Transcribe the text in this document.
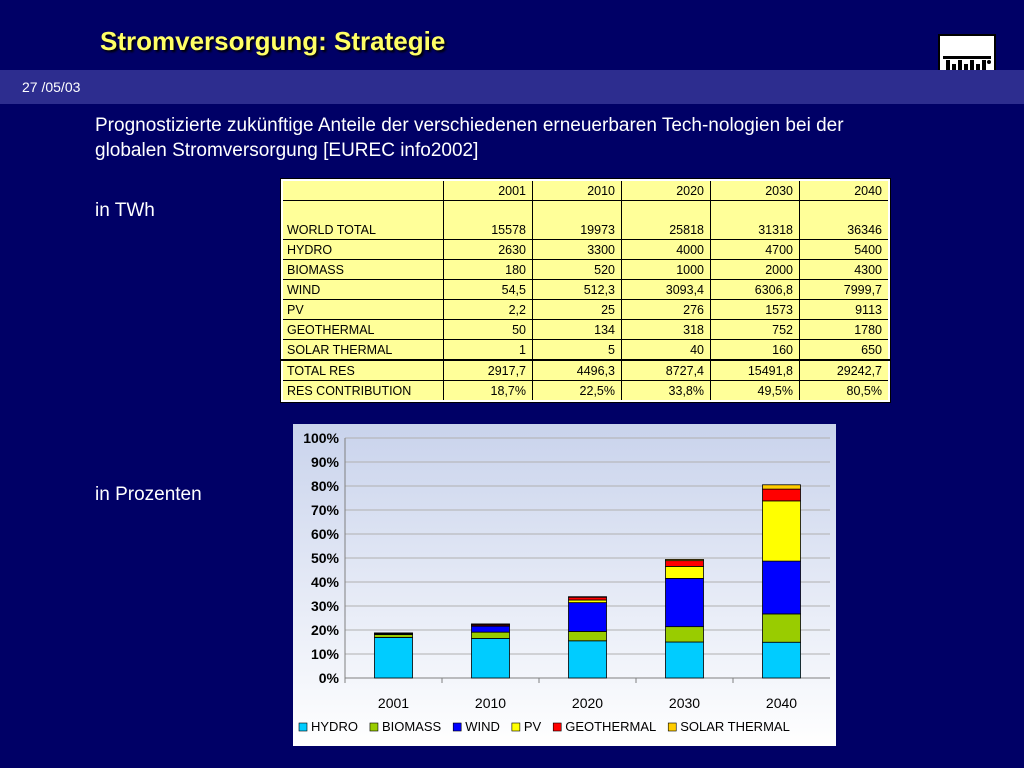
Stromversorgung: Strategie
27 /05/03
Prognostizierte zukünftige Anteile der verschiedenen erneuerbaren Tech-nologien bei der globalen Stromversorgung [EUREC info2002]
in TWh
in Prozenten
	2001	2010	2020	2030	2040
WORLD TOTAL	15578	19973	25818	31318	36346
HYDRO	2630	3300	4000	4700	5400
BIOMASS	180	520	1000	2000	4300
WIND	54,5	512,3	3093,4	6306,8	7999,7
PV	2,2	25	276	1573	9113
GEOTHERMAL	50	134	318	752	1780
SOLAR THERMAL	1	5	40	160	650
TOTAL RES	2917,7	4496,3	8727,4	15491,8	29242,7
RES CONTRIBUTION	18,7%	22,5%	33,8%	49,5%	80,5%
0%
10%
20%
30%
40%
50%
60%
70%
80%
90%
100%
2001	2010	2020	2030	2040
HYDRO BIOMASS WIND PV GEOTHERMAL SOLAR THERMAL
